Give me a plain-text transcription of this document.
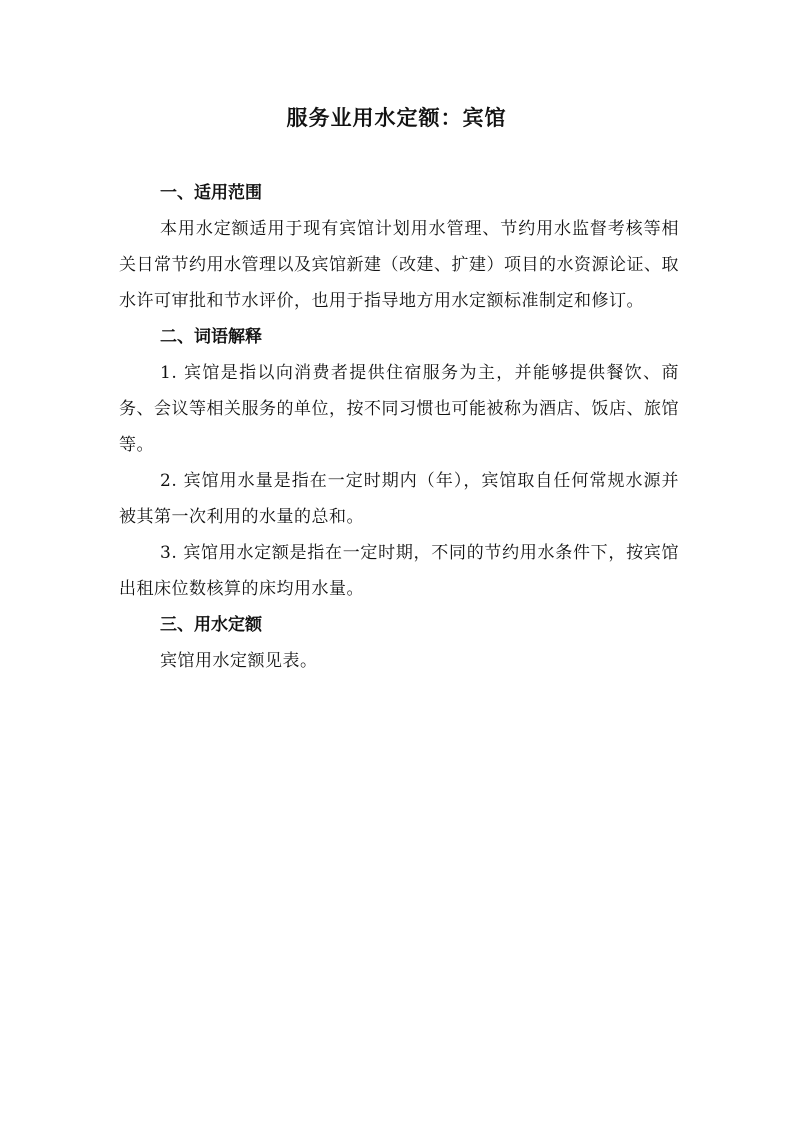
服务业用水定额：宾馆
一、适用范围

本用水定额适用于现有宾馆计划用水管理、节约用水监督考核等相关日常节约用水管理以及宾馆新建（改建、扩建）项目的水资源论证、取水许可审批和节水评价，也用于指导地方用水定额标准制定和修订。

二、词语解释

1. 宾馆是指以向消费者提供住宿服务为主，并能够提供餐饮、商务、会议等相关服务的单位，按不同习惯也可能被称为酒店、饭店、旅馆等。

2. 宾馆用水量是指在一定时期内（年），宾馆取自任何常规水源并被其第一次利用的水量的总和。

3. 宾馆用水定额是指在一定时期，不同的节约用水条件下，按宾馆出租床位数核算的床均用水量。

三、用水定额

宾馆用水定额见表。
